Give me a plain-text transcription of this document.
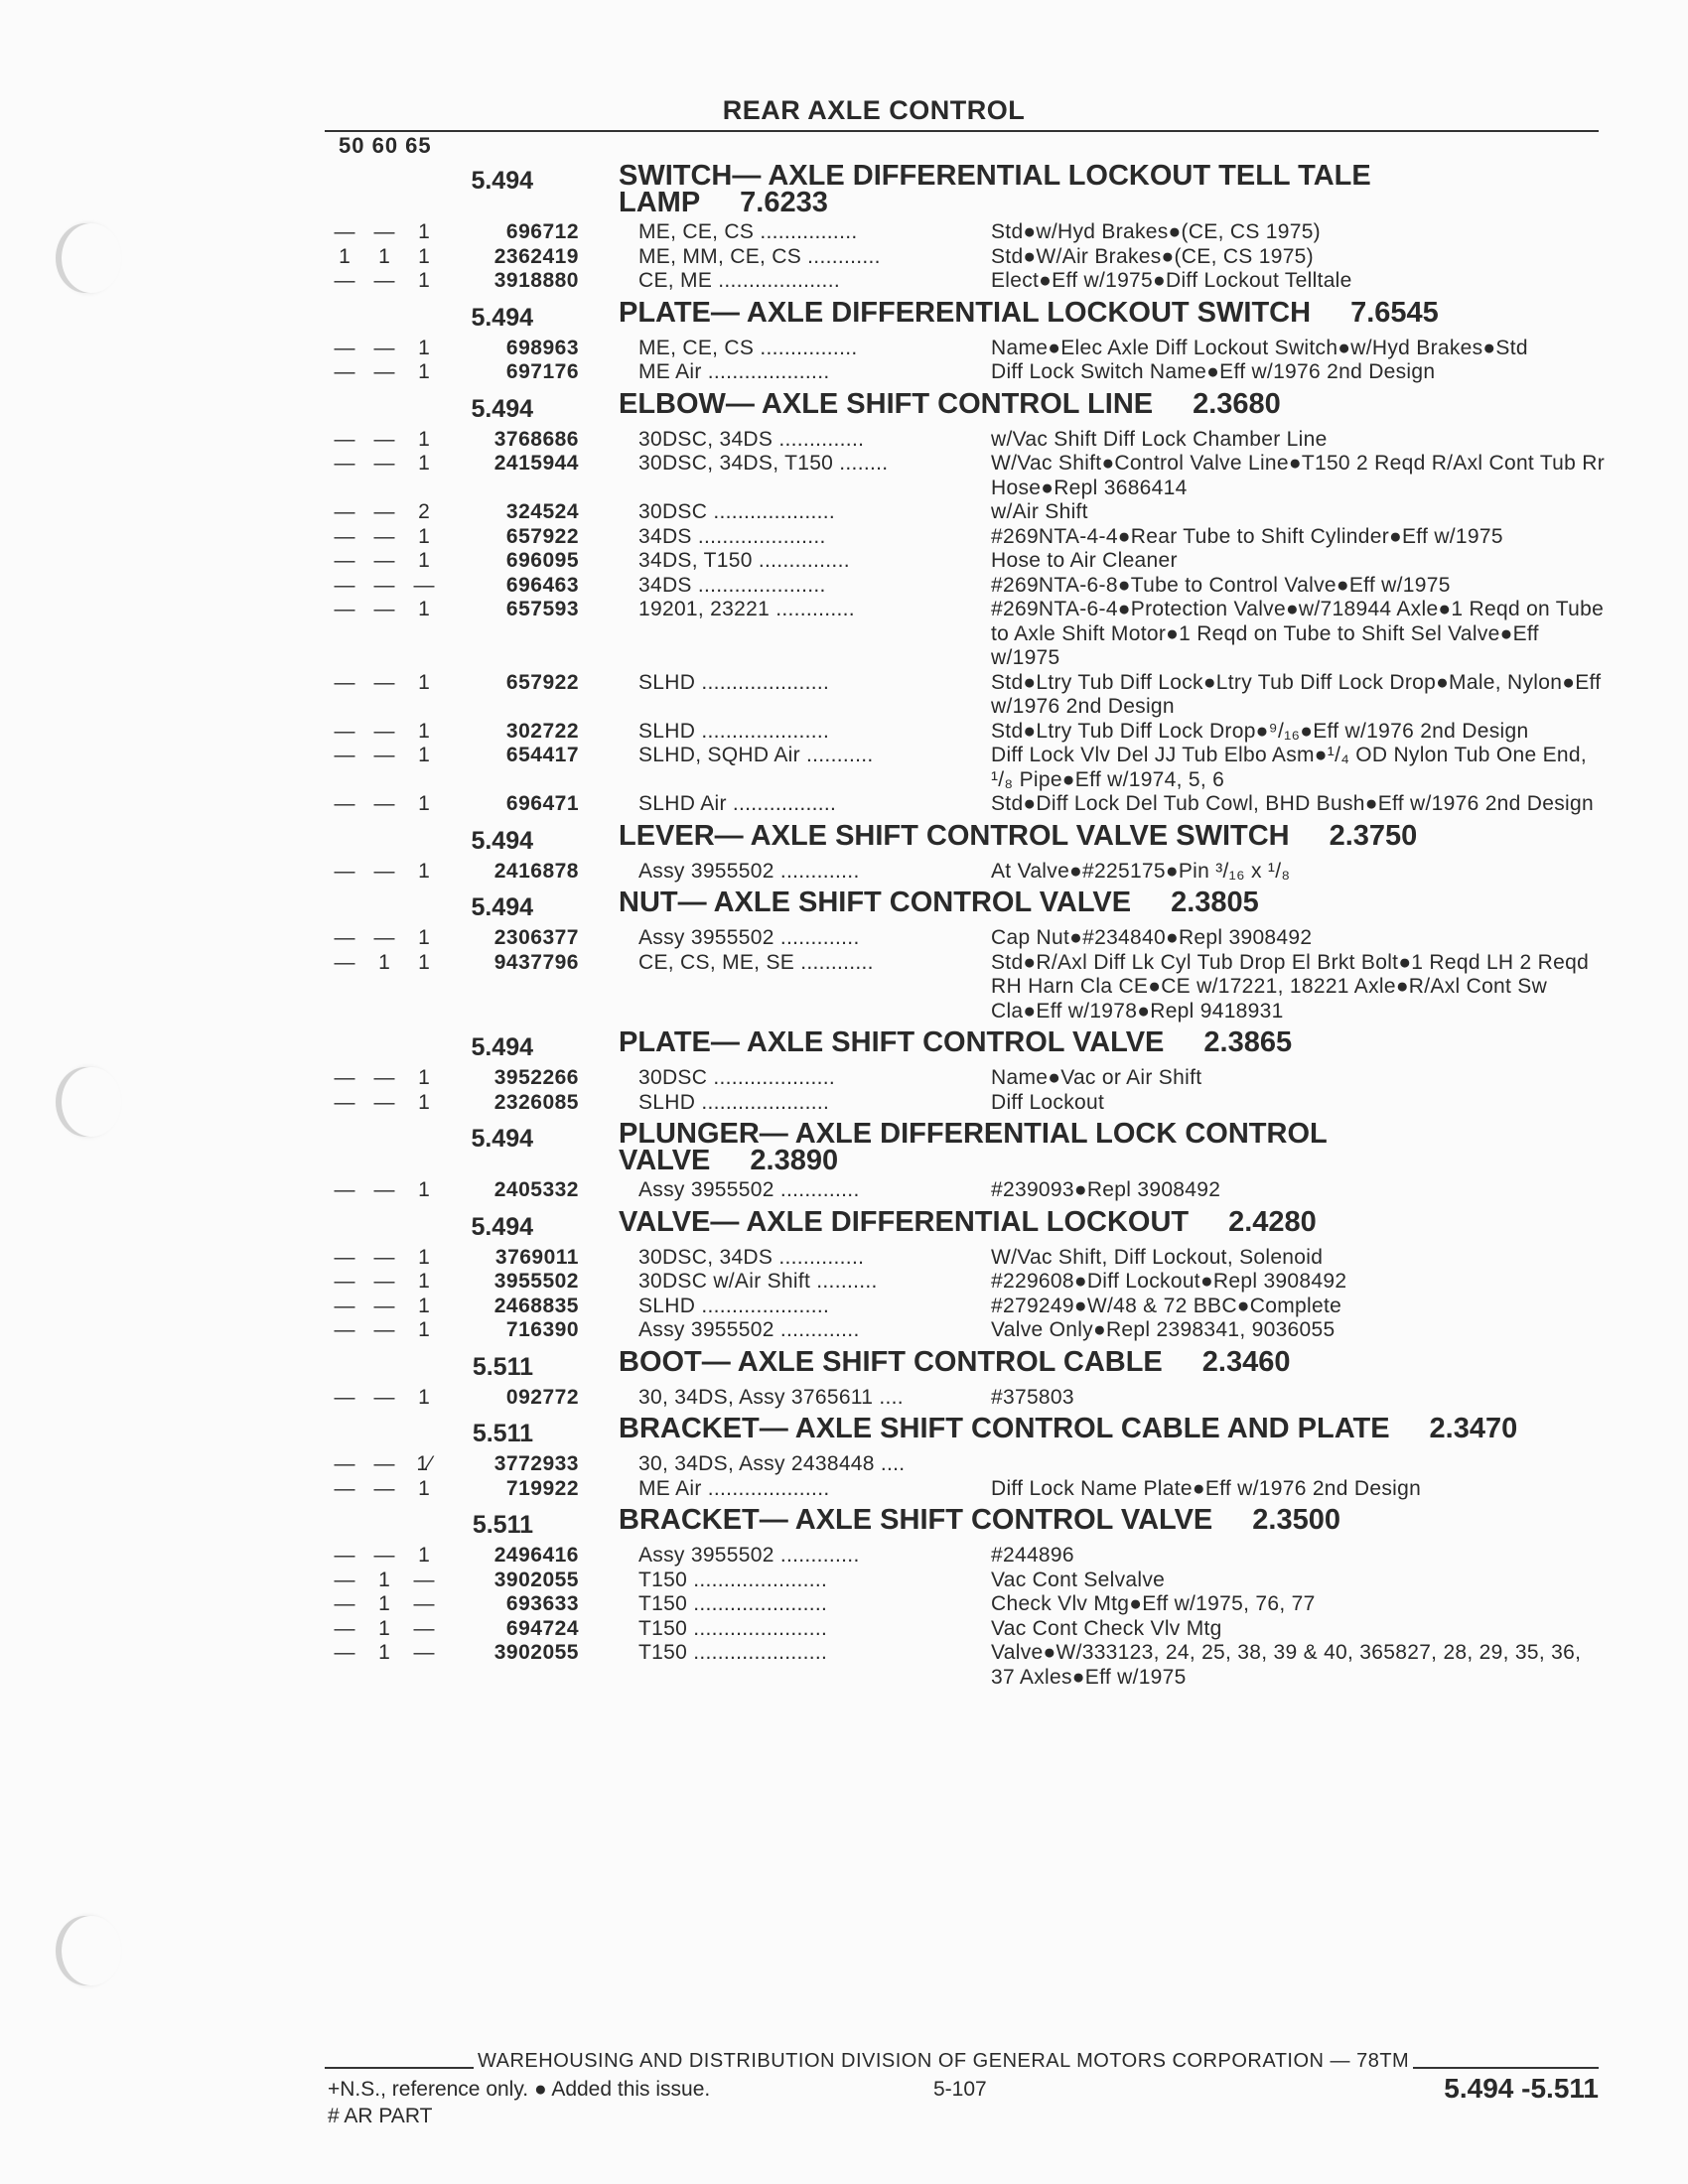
REAR AXLE CONTROL
50 60 65
5.494	SWITCH— AXLE DIFFERENTIAL LOCKOUT TELL TALE LAMP 7.6233
— —	1	696712	ME, CE, CS ................	Std●w/Hyd Brakes●(CE, CS 1975)
1	1	1	2362419	ME, MM, CE, CS ............	Std●W/Air Brakes●(CE, CS 1975)
— —	1	3918880	CE, ME ....................	Elect●Eff w/1975●Diff Lockout Telltale
5.494	PLATE— AXLE DIFFERENTIAL LOCKOUT SWITCH 7.6545
— —	1	698963	ME, CE, CS ................	Name●Elec Axle Diff Lockout Switch●w/Hyd Brakes●Std
— —	1	697176	ME Air ....................	Diff Lock Switch Name●Eff w/1976 2nd Design
5.494	ELBOW— AXLE SHIFT CONTROL LINE 2.3680
— —	1	3768686	30DSC, 34DS ..............	w/Vac Shift Diff Lock Chamber Line
— —	1	2415944	30DSC, 34DS, T150 ........	W/Vac Shift●Control Valve Line●T150 2 Reqd R/Axl Cont Tub Rr Hose●Repl 3686414
— —	2	324524	30DSC ....................	w/Air Shift
— —	1	657922	34DS .....................	#269NTA-4-4●Rear Tube to Shift Cylinder●Eff w/1975
— —	1	696095	34DS, T150 ...............	Hose to Air Cleaner
— — —	696463	34DS .....................	#269NTA-6-8●Tube to Control Valve●Eff w/1975
— —	1	657593	19201, 23221 .............	#269NTA-6-4●Protection Valve●w/718944 Axle●1 Reqd on Tube to Axle Shift Motor●1 Reqd on Tube to Shift Sel Valve●Eff w/1975
— —	1	657922	SLHD .....................	Std●Ltry Tub Diff Lock●Ltry Tub Diff Lock Drop●Male, Nylon●Eff w/1976 2nd Design
— —	1	302722	SLHD .....................	Std●Ltry Tub Diff Lock Drop●⁹/₁₆●Eff w/1976 2nd Design
— —	1	654417	SLHD, SQHD Air ...........	Diff Lock Vlv Del JJ Tub Elbo Asm●¹/₄ OD Nylon Tub One End, ¹/₈ Pipe●Eff w/1974, 5, 6
— —	1	696471	SLHD Air .................	Std●Diff Lock Del Tub Cowl, BHD Bush●Eff w/1976 2nd Design
5.494	LEVER— AXLE SHIFT CONTROL VALVE SWITCH 2.3750
— —	1	2416878	Assy 3955502 .............	At Valve●#225175●Pin ³/₁₆ x ¹/₈
5.494	NUT— AXLE SHIFT CONTROL VALVE 2.3805
— —	1	2306377	Assy 3955502 .............	Cap Nut●#234840●Repl 3908492
—	1	1	9437796	CE, CS, ME, SE ............	Std●R/Axl Diff Lk Cyl Tub Drop El Brkt Bolt●1 Reqd LH 2 Reqd RH Harn Cla CE●CE w/17221, 18221 Axle●R/Axl Cont Sw Cla●Eff w/1978●Repl 9418931
5.494	PLATE— AXLE SHIFT CONTROL VALVE 2.3865
— —	1	3952266	30DSC ....................	Name●Vac or Air Shift
— —	1	2326085	SLHD .....................	Diff Lockout
5.494	PLUNGER— AXLE DIFFERENTIAL LOCK CONTROL VALVE 2.3890
— —	1	2405332	Assy 3955502 .............	#239093●Repl 3908492
5.494	VALVE— AXLE DIFFERENTIAL LOCKOUT 2.4280
— —	1	3769011	30DSC, 34DS ..............	W/Vac Shift, Diff Lockout, Solenoid
— —	1	3955502	30DSC w/Air Shift ..........	#229608●Diff Lockout●Repl 3908492
— —	1	2468835	SLHD .....................	#279249●W/48 & 72 BBC●Complete
— —	1	716390	Assy 3955502 .............	Valve Only●Repl 2398341, 9036055
5.511	BOOT— AXLE SHIFT CONTROL CABLE 2.3460
— —	1	092772	30, 34DS, Assy 3765611 ....	#375803
5.511	BRACKET— AXLE SHIFT CONTROL CABLE AND PLATE 2.3470
— —	1⁄	3772933	30, 34DS, Assy 2438448 ....
— —	1	719922	ME Air ....................	Diff Lock Name Plate●Eff w/1976 2nd Design
5.511	BRACKET— AXLE SHIFT CONTROL VALVE 2.3500
— —	1	2496416	Assy 3955502 .............	#244896
—	1	—	3902055	T150 ......................	Vac Cont Selvalve
—	1	—	693633	T150 ......................	Check Vlv Mtg●Eff w/1975, 76, 77
—	1	—	694724	T150 ......................	Vac Cont Check Vlv Mtg
—	1	—	3902055	T150 ......................	Valve●W/333123, 24, 25, 38, 39 & 40, 365827, 28, 29, 35, 36, 37 Axles●Eff w/1975
WAREHOUSING AND DISTRIBUTION DIVISION OF GENERAL MOTORS CORPORATION — 78TM
+N.S., reference only. ● Added this issue.
# AR PART
5-107	5.494 -5.511
